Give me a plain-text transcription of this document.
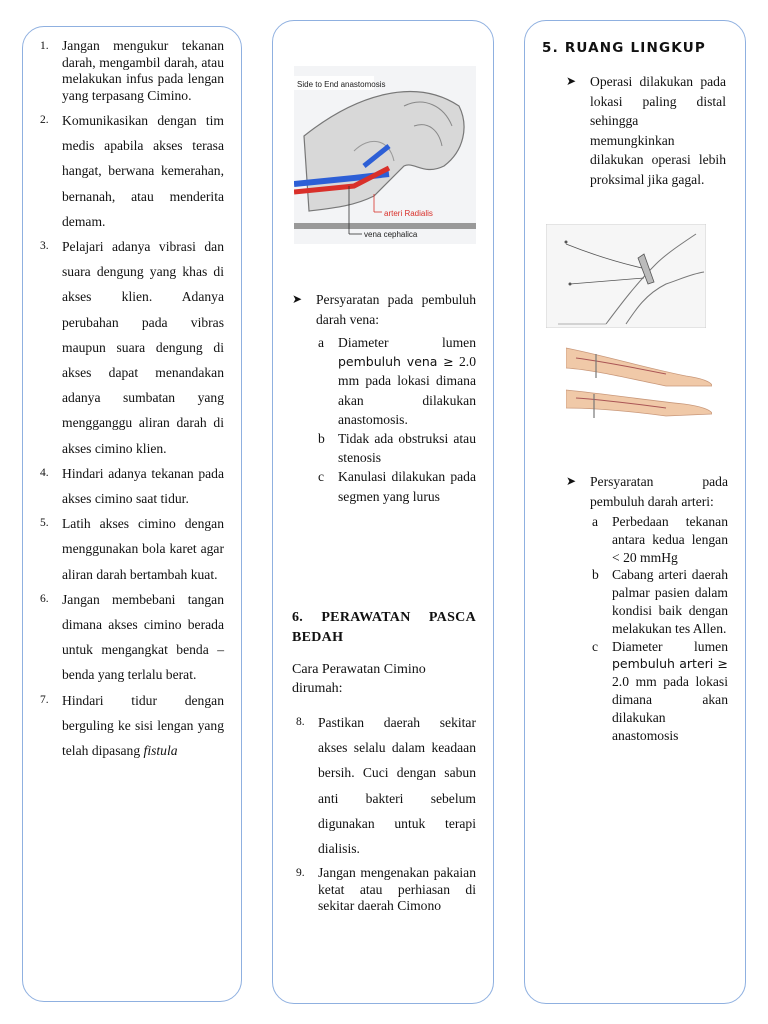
1. Jangan mengukur tekanan darah, mengambil darah, atau melakukan infus pada lengan yang terpasang Cimino.
2. Komunikasikan dengan tim medis apabila akses terasa hangat, berwana kemerahan, bernanah, atau menderita demam.
3. Pelajari adanya vibrasi dan suara dengung yang khas di akses klien. Adanya perubahan pada vibras maupun suara dengung di akses dapat menandakan adanya sumbatan yang mengganggu aliran darah di akses cimino klien.
4. Hindari adanya tekanan pada akses cimino saat tidur.
5. Latih akses cimino dengan menggunakan bola karet agar aliran darah bertambah kuat.
6. Jangan membebani tangan dimana akses cimino berada untuk mengangkat benda – benda yang terlalu berat.
7. Hindari tidur dengan berguling ke sisi lengan yang telah dipasang fistula
Side to End anastomosis
arteri Radialis
vena cephalica
➤ Persyaratan pada pembuluh darah vena:
a Diameter lumen pembuluh vena ≥ 2.0 mm pada lokasi dimana akan dilakukan anastomosis.
b Tidak ada obstruksi atau stenosis
c Kanulasi dilakukan pada segmen yang lurus
6. PERAWATAN PASCA BEDAH
Cara Perawatan Cimino dirumah:
8. Pastikan daerah sekitar akses selalu dalam keadaan bersih. Cuci dengan sabun anti bakteri sebelum digunakan untuk terapi dialisis.
9. Jangan mengenakan pakaian ketat atau perhiasan di sekitar daerah Cimono
5. RUANG LINGKUP
➤ Operasi dilakukan pada lokasi paling distal sehingga memungkinkan dilakukan operasi lebih proksimal jika gagal.
➤ Persyaratan pada pembuluh darah arteri:
a Perbedaan tekanan antara kedua lengan < 20 mmHg
b Cabang arteri daerah palmar pasien dalam kondisi baik dengan melakukan tes Allen.
c Diameter lumen pembuluh arteri ≥ 2.0 mm pada lokasi dimana akan dilakukan anastomosis
